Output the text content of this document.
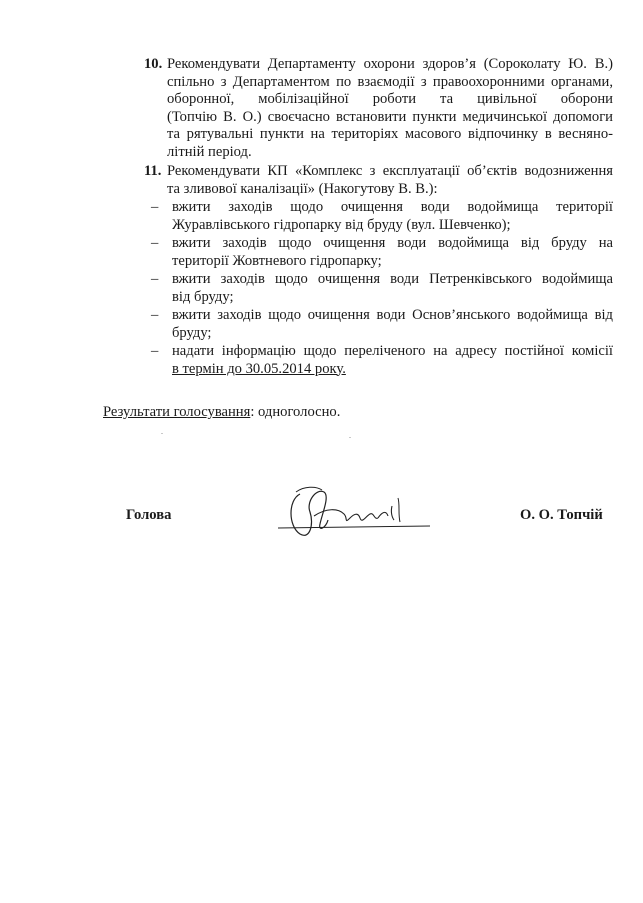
10. Рекомендувати Департаменту охорони здоров’я (Сороколату Ю. В.)
спільно з Департаментом по взаємодії з правоохоронними органами,
оборонної, мобілізаційної роботи та цивільної оборони
(Топчію В. О.) своєчасно встановити пункти медичинської допомоги
та рятувальні пункти на територіях масового відпочинку в весняно-
літній період.
11. Рекомендувати КП «Комплекс з експлуатації об’єктів водозниження
та зливової каналізації» (Накогутову В. В.):
– вжити заходів щодо очищення води водоймища території
Журавлівського гідропарку від бруду (вул. Шевченко);
– вжити заходів щодо очищення води водоймища від бруду на
території Жовтневого гідропарку;
– вжити заходів щодо очищення води Петренківського водоймища
від бруду;
– вжити заходів щодо очищення води Основ’янського водоймища від
бруду;
– надати інформацію щодо переліченого на адресу постійної комісії
в термін до 30.05.2014 року.
Результати голосування: одноголосно.
Голова	О. О. Топчій
